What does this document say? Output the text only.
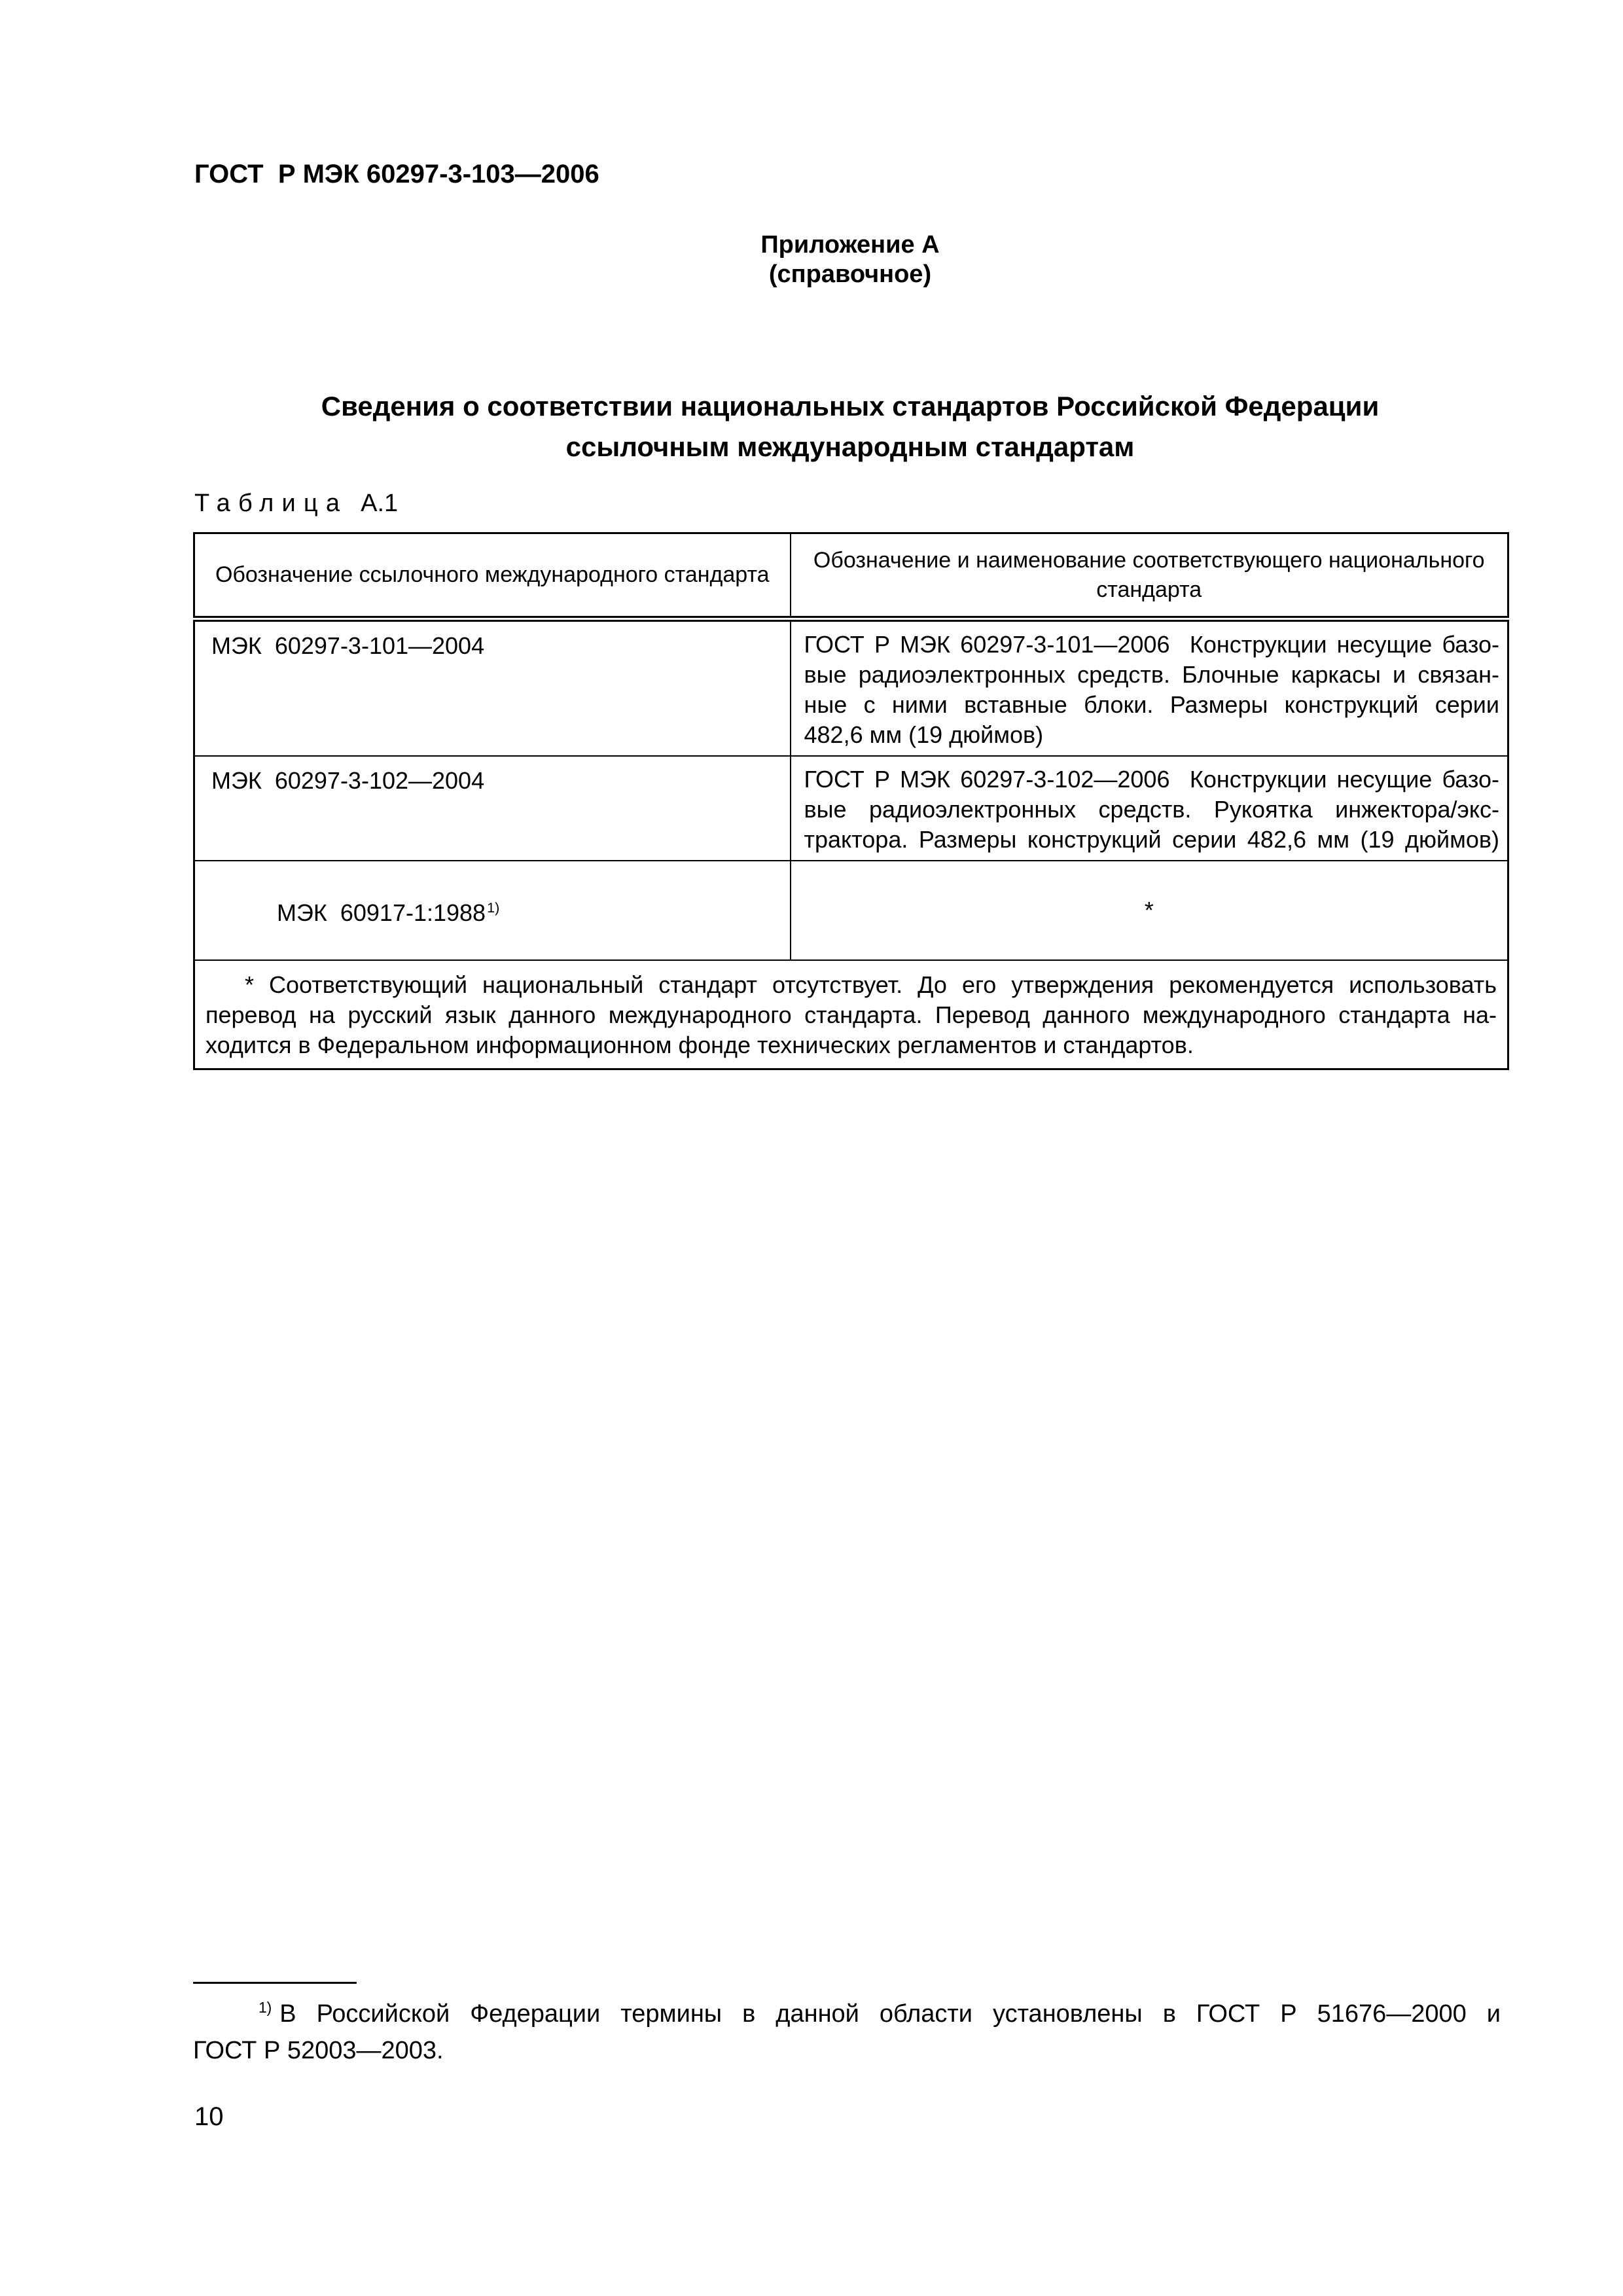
ГОСТ  Р МЭК 60297-3-103—2006
Приложение А
(справочное)
Сведения о соответствии национальных стандартов Российской Федерации
ссылочным международным стандартам
Таблица А.1
Обозначение ссылочного международного стандарта	Обозначение и наименование соответствующего национального
стандарта

МЭК  60297-3-101—2004	ГОСТ Р МЭК 60297-3-101—2006  Конструкции несущие базо-
вые радиоэлектронных средств. Блочные каркасы и связан-
ные с ними вставные блоки. Размеры конструкций серии
482,6 мм (19 дюймов)

МЭК  60297-3-102—2004	ГОСТ Р МЭК 60297-3-102—2006  Конструкции несущие базо-
вые радиоэлектронных средств. Рукоятка инжектора/экс-
трактора. Размеры конструкций серии 482,6 мм (19 дюймов)

МЭК  60917-1:1988$^{1)}$	*

* Соответствующий национальный стандарт отсутствует. До его утверждения рекомендуется использовать
перевод на русский язык данного международного стандарта. Перевод данного международного стандарта на-
ходится в Федеральном информационном фонде технических регламентов и стандартов.	
$^{1)}$ В Российской Федерации термины в данной области установлены в ГОСТ Р 51676—2000 и
ГОСТ Р 52003—2003.
10
